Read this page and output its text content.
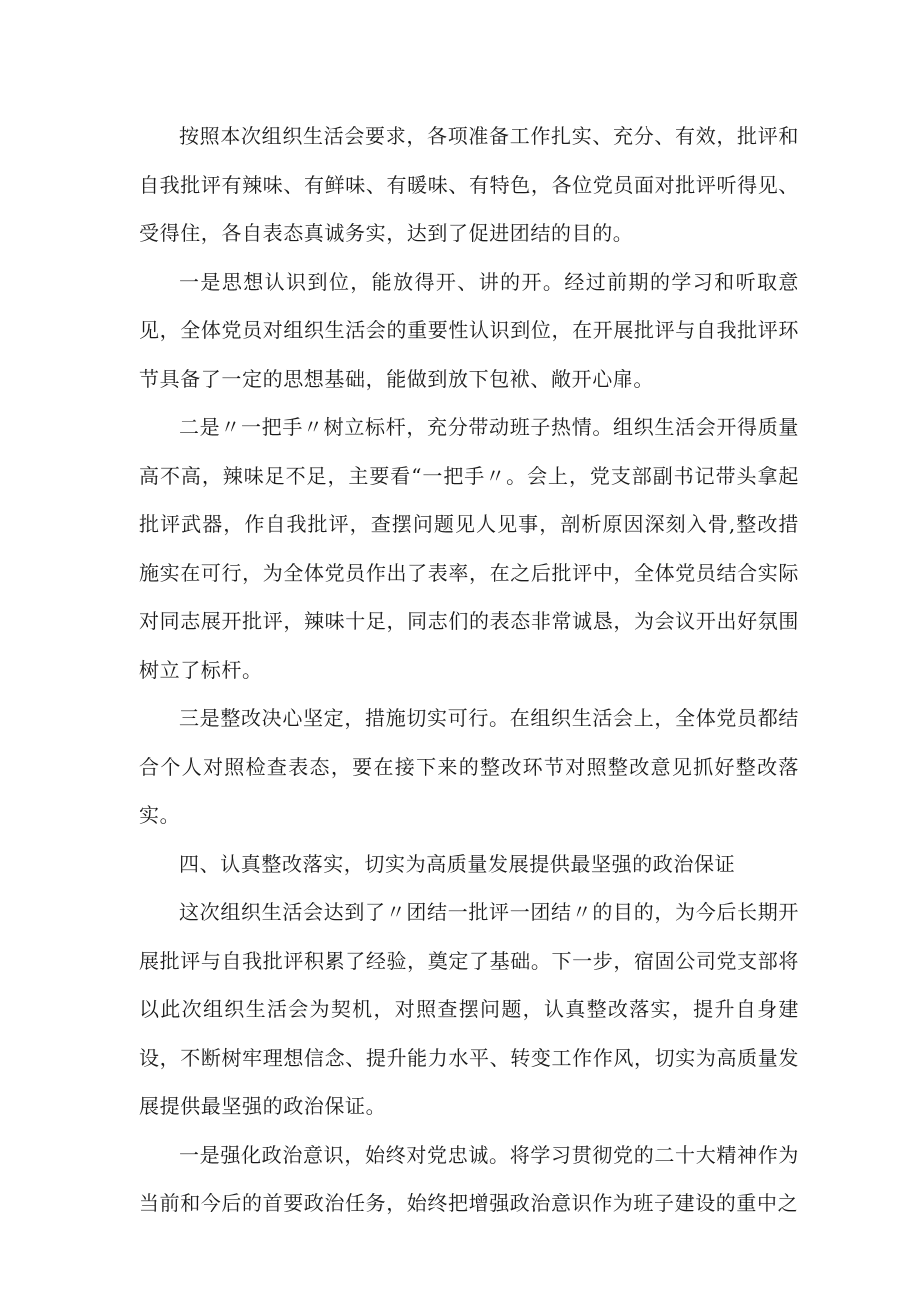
按照本次组织生活会要求，各项准备工作扎实、充分、有效，批评和自我批评有辣味、有鲜味、有暖味、有特色，各位党员面对批评听得见、受得住，各自表态真诚务实，达到了促进团结的目的。

一是思想认识到位，能放得开、讲的开。经过前期的学习和听取意见，全体党员对组织生活会的重要性认识到位，在开展批评与自我批评环节具备了一定的思想基础，能做到放下包袱、敞开心扉。

二是〃一把手〃树立标杆，充分带动班子热情。组织生活会开得质量高不高，辣味足不足，主要看“一把手〃。会上，党支部副书记带头拿起批评武器，作自我批评，查摆问题见人见事，剖析原因深刻入骨,整改措施实在可行，为全体党员作出了表率，在之后批评中，全体党员结合实际对同志展开批评，辣味十足，同志们的表态非常诚恳，为会议开出好氛围树立了标杆。

三是整改决心坚定，措施切实可行。在组织生活会上，全体党员都结合个人对照检查表态，要在接下来的整改环节对照整改意见抓好整改落实。

四、认真整改落实，切实为高质量发展提供最坚强的政治保证

这次组织生活会达到了〃团结一批评一团结〃的目的，为今后长期开展批评与自我批评积累了经验，奠定了基础。下一步，宿固公司党支部将以此次组织生活会为契机，对照查摆问题，认真整改落实，提升自身建设，不断树牢理想信念、提升能力水平、转变工作作风，切实为高质量发展提供最坚强的政治保证。

一是强化政治意识，始终对党忠诚。将学习贯彻党的二十大精神作为当前和今后的首要政治任务，始终把增强政治意识作为班子建设的重中之
